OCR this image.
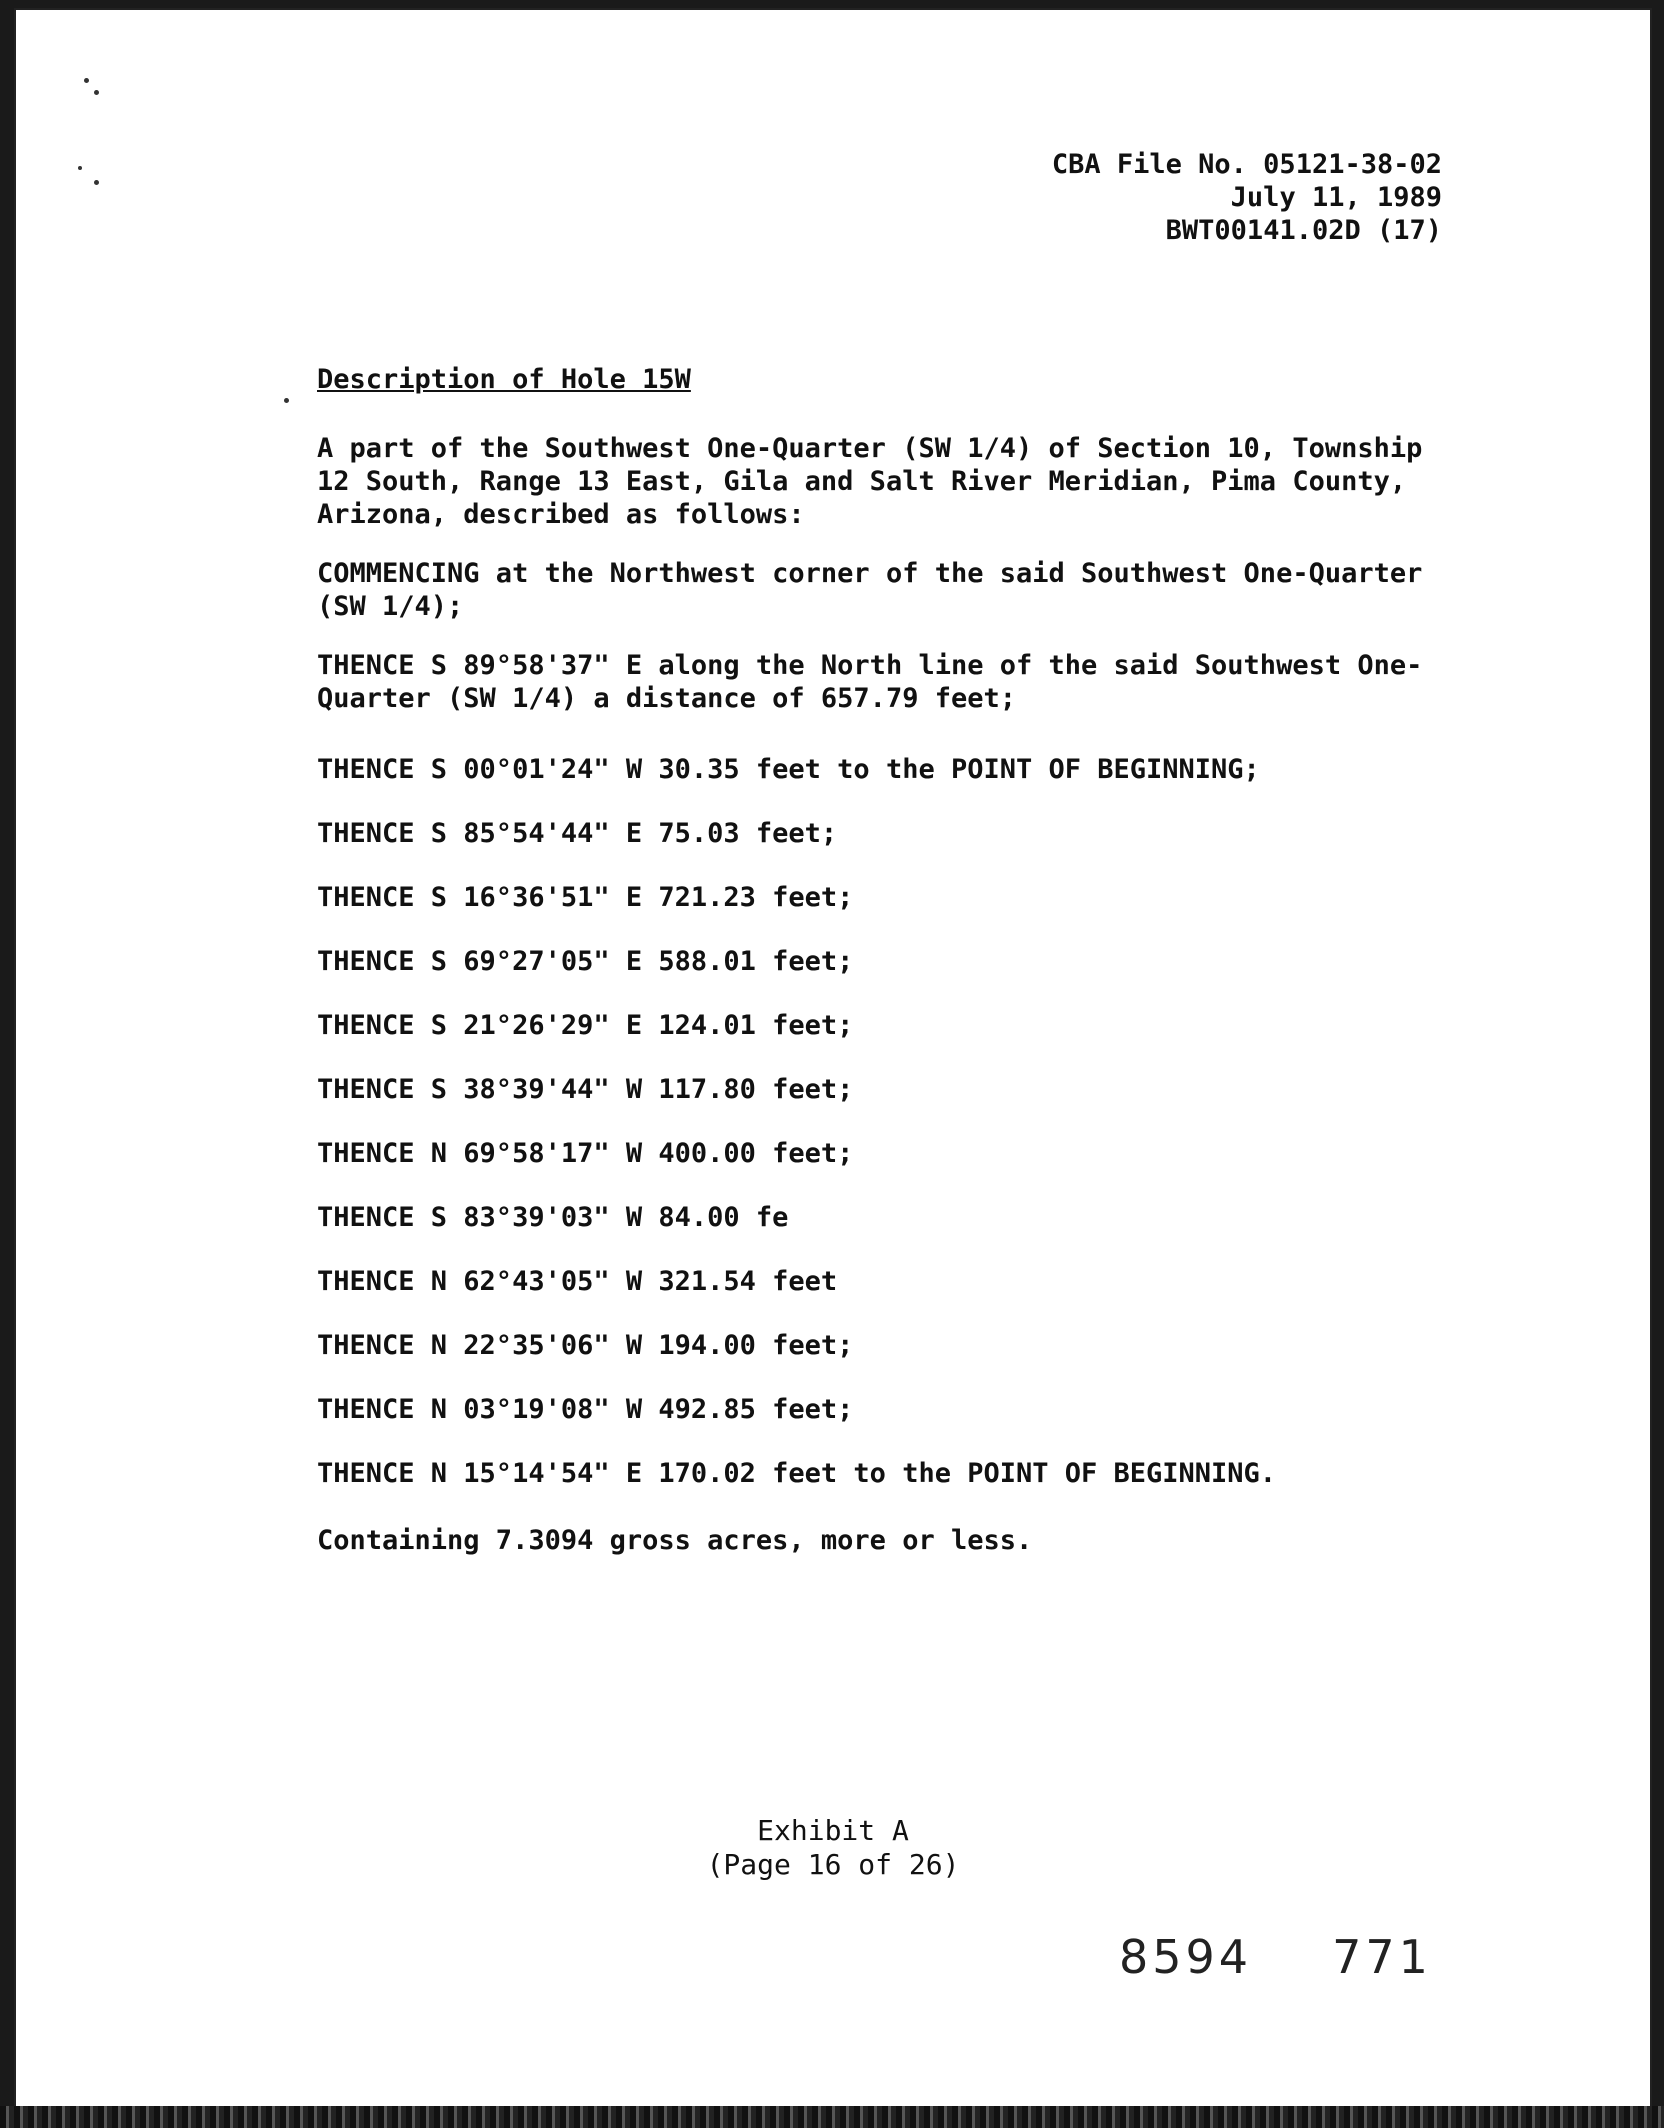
CBA File No. 05121-38-02
July 11, 1989
BWT00141.02D (17)
Description of Hole 15W

A part of the Southwest One-Quarter (SW 1/4) of Section 10, Township
12 South, Range 13 East, Gila and Salt River Meridian, Pima County,
Arizona, described as follows:

COMMENCING at the Northwest corner of the said Southwest One-Quarter
(SW 1/4);

THENCE S 89°58'37" E along the North line of the said Southwest One-
Quarter (SW 1/4) a distance of 657.79 feet;

THENCE S 00°01'24" W 30.35 feet to the POINT OF BEGINNING;
THENCE S 85°54'44" E 75.03 feet;
THENCE S 16°36'51" E 721.23 feet;
THENCE S 69°27'05" E 588.01 feet;
THENCE S 21°26'29" E 124.01 feet;
THENCE S 38°39'44" W 117.80 feet;
THENCE N 69°58'17" W 400.00 feet;
THENCE S 83°39'03" W 84.00 fe
THENCE N 62°43'05" W 321.54 feet
THENCE N 22°35'06" W 194.00 feet;
THENCE N 03°19'08" W 492.85 feet;
THENCE N 15°14'54" E 170.02 feet to the POINT OF BEGINNING.
Containing 7.3094 gross acres, more or less.
Exhibit A
(Page 16 of 26)
8594 771
